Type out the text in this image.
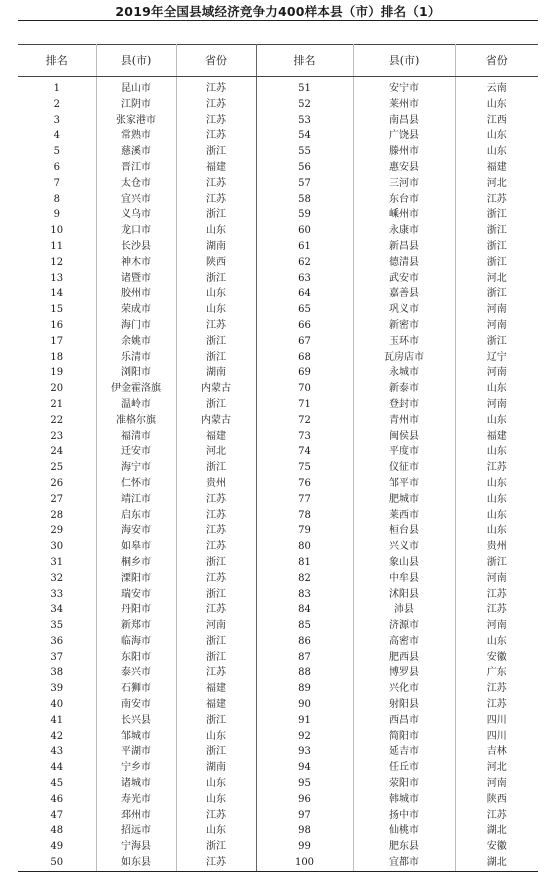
2019年全国县域经济竞争力400样本县（市）排名（1）
排名	县(市)	省份	排名	县(市)	省份
1	昆山市	江苏	51	安宁市	云南
2	江阴市	江苏	52	莱州市	山东
3	张家港市	江苏	53	南昌县	江西
4	常熟市	江苏	54	广饶县	山东
5	慈溪市	浙江	55	滕州市	山东
6	晋江市	福建	56	惠安县	福建
7	太仓市	江苏	57	三河市	河北
8	宜兴市	江苏	58	东台市	江苏
9	义乌市	浙江	59	嵊州市	浙江
10	龙口市	山东	60	永康市	浙江
11	长沙县	湖南	61	新昌县	浙江
12	神木市	陕西	62	德清县	浙江
13	诸暨市	浙江	63	武安市	河北
14	胶州市	山东	64	嘉善县	浙江
15	荣成市	山东	65	巩义市	河南
16	海门市	江苏	66	新密市	河南
17	余姚市	浙江	67	玉环市	浙江
18	乐清市	浙江	68	瓦房店市	辽宁
19	浏阳市	湖南	69	永城市	河南
20	伊金霍洛旗	内蒙古	70	新泰市	山东
21	温岭市	浙江	71	登封市	河南
22	准格尔旗	内蒙古	72	青州市	山东
23	福清市	福建	73	闽侯县	福建
24	迁安市	河北	74	平度市	山东
25	海宁市	浙江	75	仪征市	江苏
26	仁怀市	贵州	76	邹平市	山东
27	靖江市	江苏	77	肥城市	山东
28	启东市	江苏	78	莱西市	山东
29	海安市	江苏	79	桓台县	山东
30	如皋市	江苏	80	兴义市	贵州
31	桐乡市	浙江	81	象山县	浙江
32	溧阳市	江苏	82	中牟县	河南
33	瑞安市	浙江	83	沭阳县	江苏
34	丹阳市	江苏	84	沛县	江苏
35	新郑市	河南	85	济源市	河南
36	临海市	浙江	86	高密市	山东
37	东阳市	浙江	87	肥西县	安徽
38	泰兴市	江苏	88	博罗县	广东
39	石狮市	福建	89	兴化市	江苏
40	南安市	福建	90	射阳县	江苏
41	长兴县	浙江	91	西昌市	四川
42	邹城市	山东	92	简阳市	四川
43	平湖市	浙江	93	延吉市	吉林
44	宁乡市	湖南	94	任丘市	河北
45	诸城市	山东	95	荥阳市	河南
46	寿光市	山东	96	韩城市	陕西
47	邳州市	江苏	97	扬中市	江苏
48	招远市	山东	98	仙桃市	湖北
49	宁海县	浙江	99	肥东县	安徽
50	如东县	江苏	100	宜都市	湖北
